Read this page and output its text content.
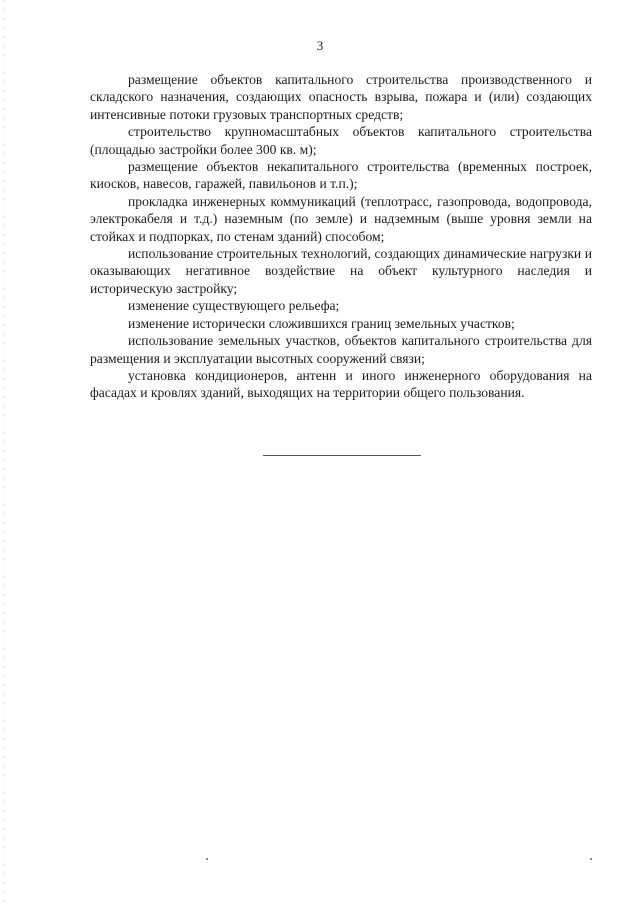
3

размещение объектов капитального строительства производственного и складского назначения, создающих опасность взрыва, пожара и (или) создающих интенсивные потоки грузовых транспортных средств;

строительство крупномасштабных объектов капитального строительства (площадью застройки более 300 кв. м);

размещение объектов некапитального строительства (временных построек, киосков, навесов, гаражей, павильонов и т.п.);

прокладка инженерных коммуникаций (теплотрасс, газопровода, водопровода, электрокабеля и т.д.) наземным (по земле) и надземным (выше уровня земли на стойках и подпорках, по стенам зданий) способом;

использование строительных технологий, создающих динамические нагрузки и оказывающих негативное воздействие на объект культурного наследия и историческую застройку;

изменение существующего рельефа;

изменение исторически сложившихся границ земельных участков;

использование земельных участков, объектов капитального строительства для размещения и эксплуатации высотных сооружений связи;

установка кондиционеров, антенн и иного инженерного оборудования на фасадах и кровлях зданий, выходящих на территории общего пользования.
